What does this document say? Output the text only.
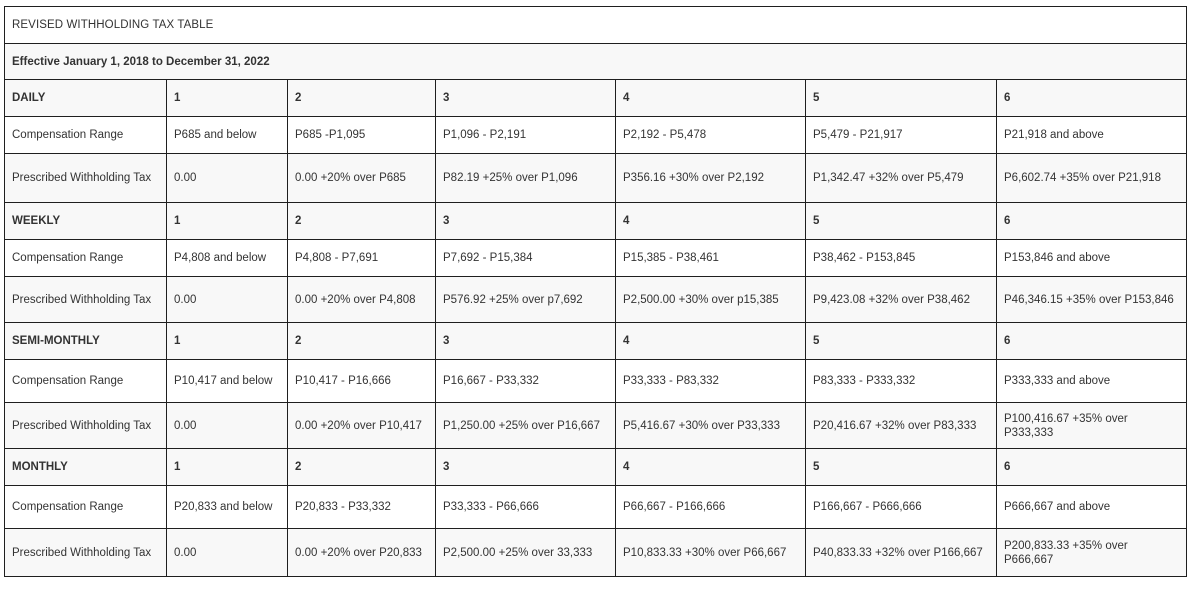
REVISED WITHHOLDING TAX TABLE						
Effective January 1, 2018 to December 31, 2022						
DAILY	1	2	3	4	5	6
Compensation Range	P685 and below	P685 -P1,095	P1,096 - P2,191	P2,192 - P5,478	P5,479 - P21,917	P21,918 and above
Prescribed Withholding Tax	0.00	0.00 +20% over P685	P82.19 +25% over P1,096	P356.16 +30% over P2,192	P1,342.47 +32% over P5,479	P6,602.74 +35% over P21,918
WEEKLY	1	2	3	4	5	6
Compensation Range	P4,808 and below	P4,808 - P7,691	P7,692 - P15,384	P15,385 - P38,461	P38,462 - P153,845	P153,846 and above
Prescribed Withholding Tax	0.00	0.00 +20% over P4,808	P576.92 +25% over p7,692	P2,500.00 +30% over p15,385	P9,423.08 +32% over P38,462	P46,346.15 +35% over P153,846
SEMI-MONTHLY	1	2	3	4	5	6
Compensation Range	P10,417 and below	P10,417 - P16,666	P16,667 - P33,332	P33,333 - P83,332	P83,333 - P333,332	P333,333 and above
Prescribed Withholding Tax	0.00	0.00 +20% over P10,417	P1,250.00 +25% over P16,667	P5,416.67 +30% over P33,333	P20,416.67 +32% over P83,333	P100,416.67 +35% over P333,333
MONTHLY	1	2	3	4	5	6
Compensation Range	P20,833 and below	P20,833 - P33,332	P33,333 - P66,666	P66,667 - P166,666	P166,667 - P666,666	P666,667 and above
Prescribed Withholding Tax	0.00	0.00 +20% over P20,833	P2,500.00 +25% over 33,333	P10,833.33 +30% over P66,667	P40,833.33 +32% over P166,667	P200,833.33 +35% over P666,667
